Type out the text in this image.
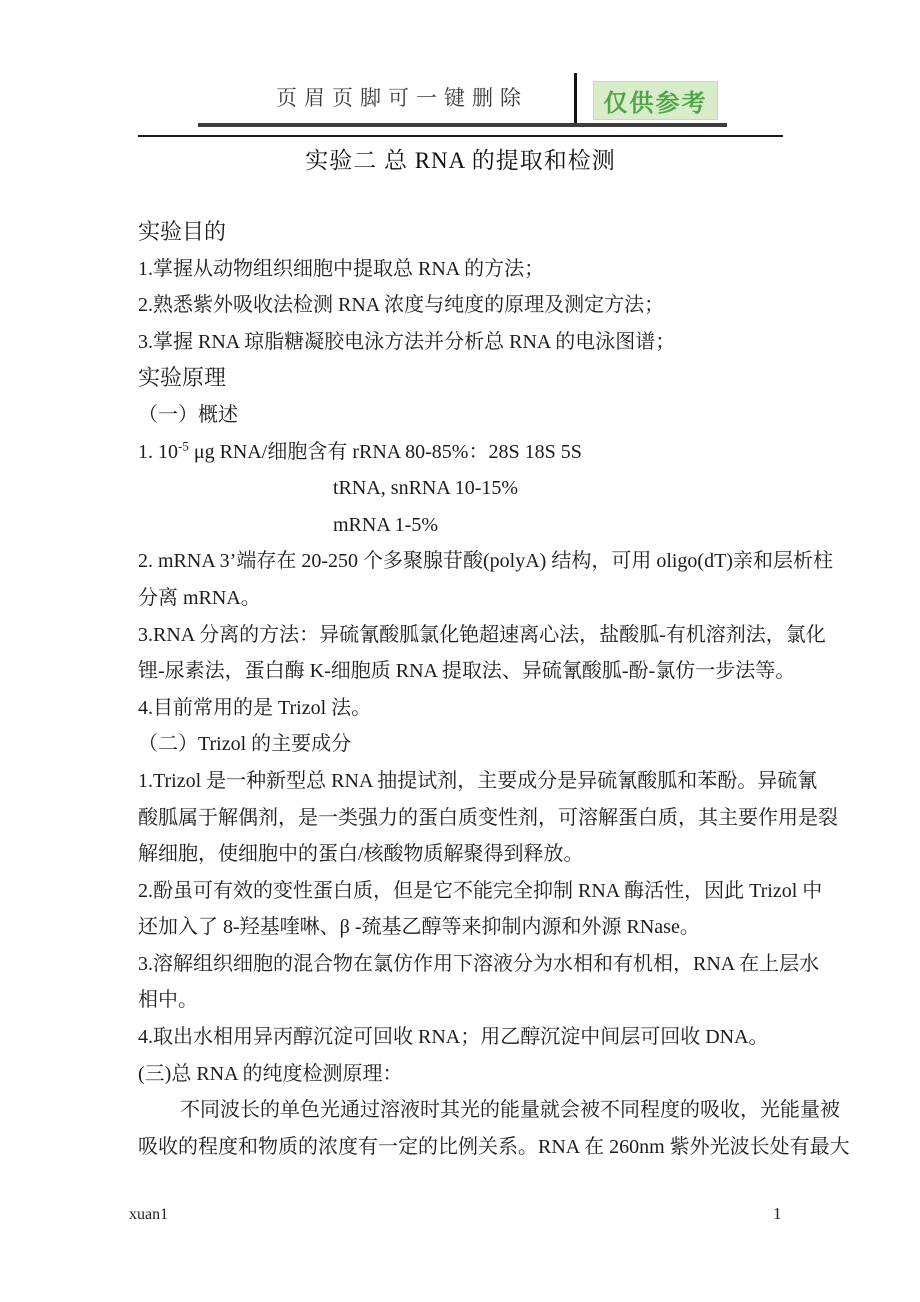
页眉页脚可一键删除	仅供参考
实验二 总 RNA 的提取和检测
实验目的
1.掌握从动物组织细胞中提取总 RNA 的方法；
2.熟悉紫外吸收法检测 RNA 浓度与纯度的原理及测定方法；
3.掌握 RNA 琼脂糖凝胶电泳方法并分析总 RNA 的电泳图谱；
实验原理
（一）概述
1. $10^{-5}$ μg RNA/细胞含有 rRNA 80-85%：28S 18S 5S
tRNA, snRNA 10-15%
mRNA 1-5%
2. mRNA 3’端存在 20-250 个多聚腺苷酸(polyA) 结构，可用 oligo(dT)亲和层析柱
分离 mRNA。
3.RNA 分离的方法：异硫氰酸胍氯化铯超速离心法，盐酸胍-有机溶剂法，氯化
锂-尿素法，蛋白酶 K-细胞质 RNA 提取法、异硫氰酸胍-酚-氯仿一步法等。
4.目前常用的是 Trizol 法。
（二）Trizol 的主要成分
1.Trizol 是一种新型总 RNA 抽提试剂，主要成分是异硫氰酸胍和苯酚。异硫氰
酸胍属于解偶剂，是一类强力的蛋白质变性剂，可溶解蛋白质，其主要作用是裂
解细胞，使细胞中的蛋白/核酸物质解聚得到释放。
2.酚虽可有效的变性蛋白质，但是它不能完全抑制 RNA 酶活性，因此 Trizol 中
还加入了 8-羟基喹啉、β -巯基乙醇等来抑制内源和外源 RNase。
3.溶解组织细胞的混合物在氯仿作用下溶液分为水相和有机相，RNA 在上层水
相中。
4.取出水相用异丙醇沉淀可回收 RNA；用乙醇沉淀中间层可回收 DNA。
(三)总 RNA 的纯度检测原理：
不同波长的单色光通过溶液时其光的能量就会被不同程度的吸收，光能量被
吸收的程度和物质的浓度有一定的比例关系。RNA 在 260nm 紫外光波长处有最大
xuan1	1
